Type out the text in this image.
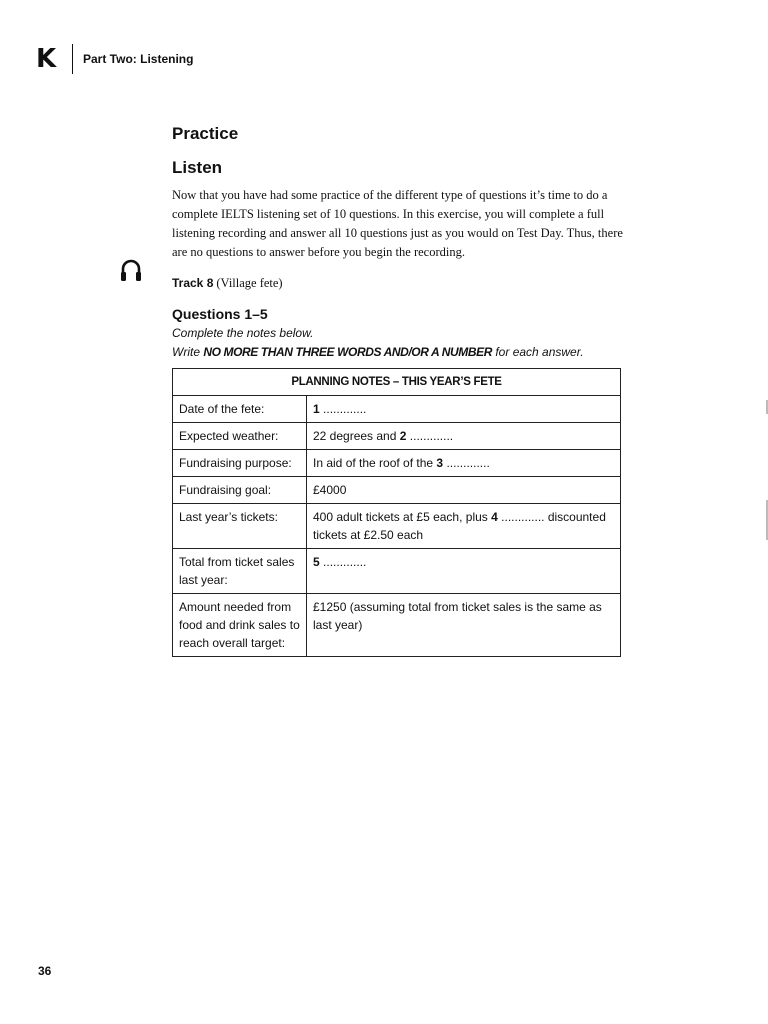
K	Part Two: Listening
Practice
Listen

Now that you have had some practice of the different type of questions it’s time to do a complete IELTS listening set of 10 questions. In this exercise, you will complete a full listening recording and answer all 10 questions just as you would on Test Day. Thus, there are no questions to answer before you begin the recording.

Track 8 (Village fete)
Questions 1–5
Complete the notes below.
Write NO MORE THAN THREE WORDS AND/OR A NUMBER for each answer.
PLANNING NOTES – THIS YEAR’S FETE	
Date of the fete:	1 .............
Expected weather:	22 degrees and 2 .............
Fundraising purpose:	In aid of the roof of the 3 .............
Fundraising goal:	£4000
Last year’s tickets:	400 adult tickets at £5 each, plus 4 ............. discounted tickets at £2.50 each
Total from ticket sales last year:	5 .............
Amount needed from food and drink sales to reach overall target:	£1250 (assuming total from ticket sales is the same as last year)
36
